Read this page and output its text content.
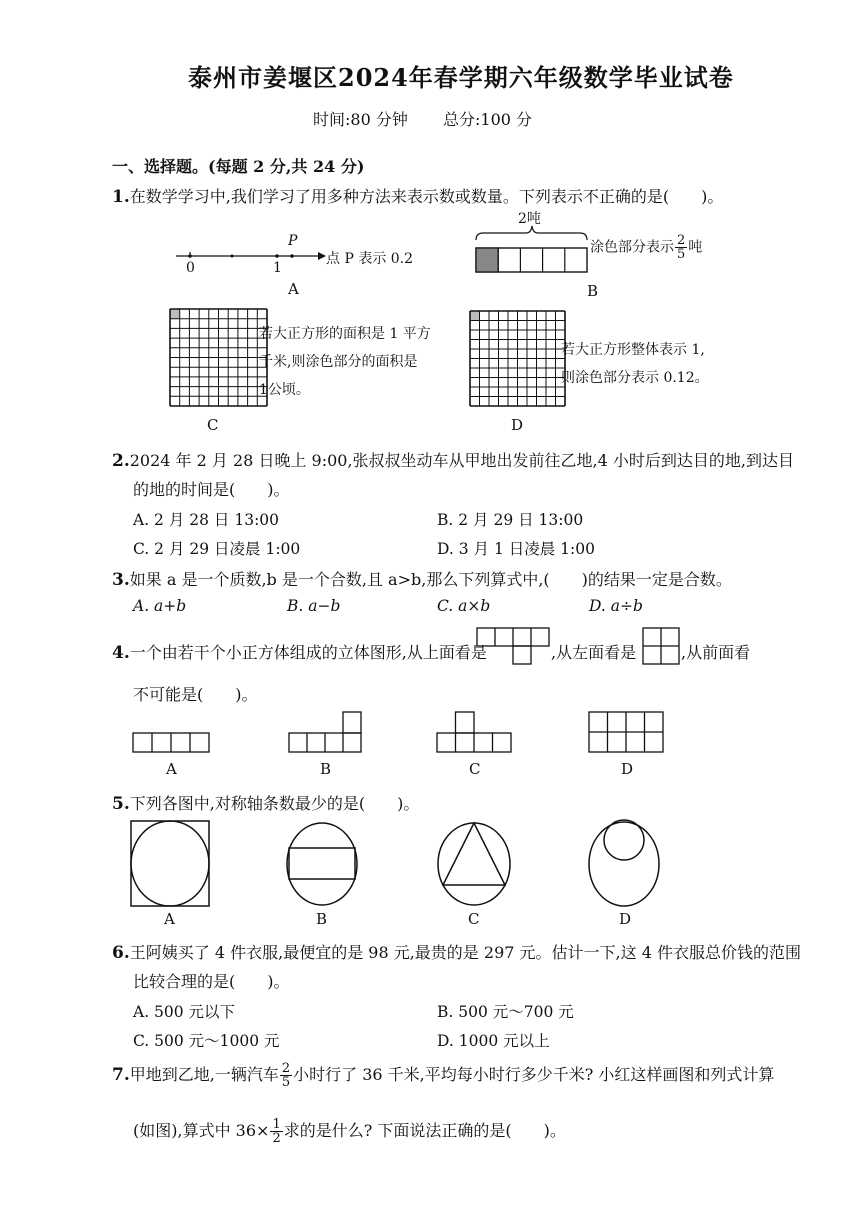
泰州市姜堰区2024年春学期六年级数学毕业试卷
时间:80 分钟 总分:100 分
一、选择题。(每题 2 分,共 24 分)
1.在数学学习中,我们学习了用多种方法来表示数或数量。下列表示不正确的是(　　)。
0	1
P
点 P 表示 0.2
A
2吨
涂色部分表示 $\frac{2}{5}$ 吨
B
若大正方形的面积是 1 平方
千米,则涂色部分的面积是
1公顷。
C
若大正方形整体表示 1,
则涂色部分表示 0.12。
D
2.2024 年 2 月 28 日晚上 9:00,张叔叔坐动车从甲地出发前往乙地,4 小时后到达目的地,到达目
的地的时间是(　　)。
A. 2 月 28 日 13:00	B. 2 月 29 日 13:00
C. 2 月 29 日凌晨 1:00	D. 3 月 1 日凌晨 1:00
3.如果 a 是一个质数,b 是一个合数,且 a>b,那么下列算式中,(　　)的结果一定是合数。
A. a+b	B. a−b	C. a×b	D. a÷b
4.一个由若干个小正方体组成的立体图形,从上面看是	,从左面看是	,从前面看
不可能是(　　)。
A	B	C	D
5.下列各图中,对称轴条数最少的是(　　)。
A	B	C	D
6.王阿姨买了 4 件衣服,最便宜的是 98 元,最贵的是 297 元。估计一下,这 4 件衣服总价钱的范围
比较合理的是(　　)。
A. 500 元以下	B. 500 元～700 元
C. 500 元～1000 元	D. 1000 元以上
7.甲地到乙地,一辆汽车 $\frac{2}{5}$ 小时行了 36 千米,平均每小时行多少千米? 小红这样画图和列式计算
(如图),算式中 $36\times \frac{1}{2}$ 求的是什么? 下面说法正确的是(　　)。
